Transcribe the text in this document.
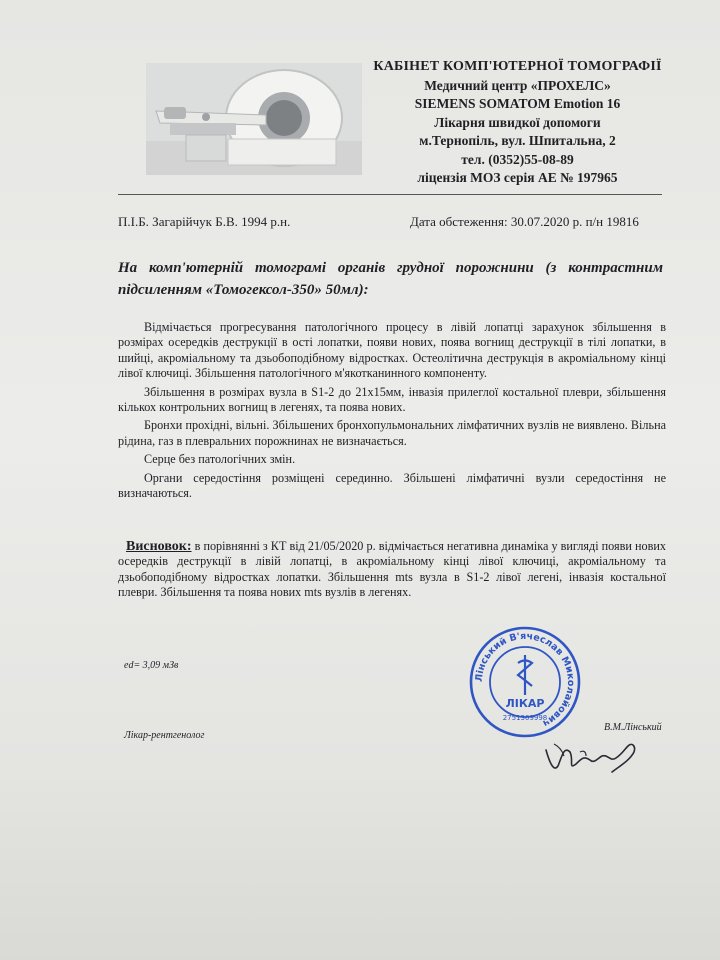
КАБІНЕТ КОМП'ЮТЕРНОЇ ТОМОГРАФІЇ
Медичний центр «ПРОХЕЛС»
SIEMENS SOMATOM Emotion 16
Лікарня швидкої допомоги
м.Тернопіль, вул. Шпитальна, 2
тел. (0352)55-08-89
ліцензія МОЗ серія АЕ № 197965
П.І.Б. Загарійчук Б.В. 1994 р.н.	Дата обстеження: 30.07.2020 р. п/н 19816
На комп'ютерній томограмі органів грудної порожнини (з контрастним підсиленням «Томогексол-350» 50мл):

Відмічається прогресування патологічного процесу в лівій лопатці зарахунок збільшення в розмірах осередків деструкції в ості лопатки, появи нових, поява вогнищ деструкції в тілі лопатки, в шийці, акроміальному та дзьобоподібному відростках. Остеолітична деструкція в акроміальному кінці лівої ключиці. Збільшення патологічного м'якотканинного компоненту.

Збільшення в розмірах вузла в S1-2 до 21х15мм, інвазія прилеглої костальної плеври, збільшення кількох контрольних вогнищ в легенях, та поява нових.

Бронхи прохідні, вільні. Збільшених бронхопульмональних лімфатичних вузлів не виявлено. Вільна рідина, газ в плевральних порожнинах не визначається.

Серце без патологічних змін.

Органи середостіння розміщені серединно. Збільшені лімфатичні вузли середостіння не визначаються.

Висновок: в порівнянні з КТ від 21/05/2020 р. відмічається негативна динаміка у вигляді появи нових осередків деструкції в лівій лопатці, в акроміальному кінці лівої ключиці, акроміальному та дзьобоподібному відростках лопатки. Збільшення mts вузла в S1-2 лівої легені, інвазія костальної плеври. Збільшення та поява нових mts вузлів в легенях.
ed= 3,09 мЗв
Лікар-рентгенолог
В.М.Лінський
Лінський В'ячеслав Миколайович
2751309998
ЛІКАР
